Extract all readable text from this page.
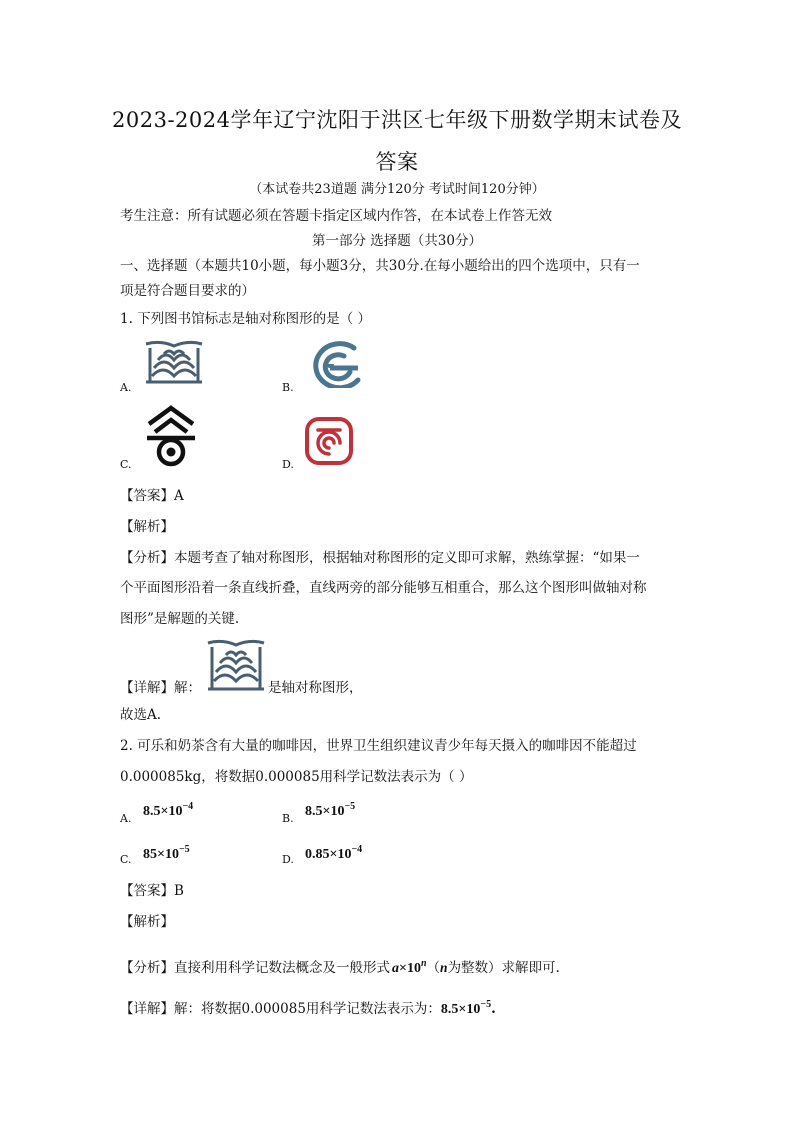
2023-2024学年辽宁沈阳于洪区七年级下册数学期末试卷及
答案
（本试卷共23道题 满分120分 考试时间120分钟）
考生注意：所有试题必须在答题卡指定区域内作答，在本试卷上作答无效
第一部分 选择题（共30分）
一、选择题（本题共10小题，每小题3分，共30分.在每小题给出的四个选项中，只有一
项是符合题目要求的）
1. 下列图书馆标志是轴对称图形的是（ ）
A.	B.
C.	D.
【答案】A
【解析】
【分析】本题考查了轴对称图形，根据轴对称图形的定义即可求解，熟练掌握：“如果一
个平面图形沿着一条直线折叠，直线两旁的部分能够互相重合，那么这个图形叫做轴对称
图形”是解题的关键.
【详解】解：	是轴对称图形，
故选A.
2. 可乐和奶茶含有大量的咖啡因，世界卫生组织建议青少年每天摄入的咖啡因不能超过
0.000085kg，将数据0.000085用科学记数法表示为（ ）
A. $8.5\times 10^{-4}$
B. $8.5\times 10^{-5}$
C. $85\times 10^{-5}$
D. $0.85\times 10^{-4}$
【答案】B
【解析】
【分析】直接利用科学记数法概念及一般形式 $a\times 10^n$ （ n 为整数）求解即可.
【详解】解：将数据0.000085用科学记数法表示为： $8.5\times 10^{-5}$ .
